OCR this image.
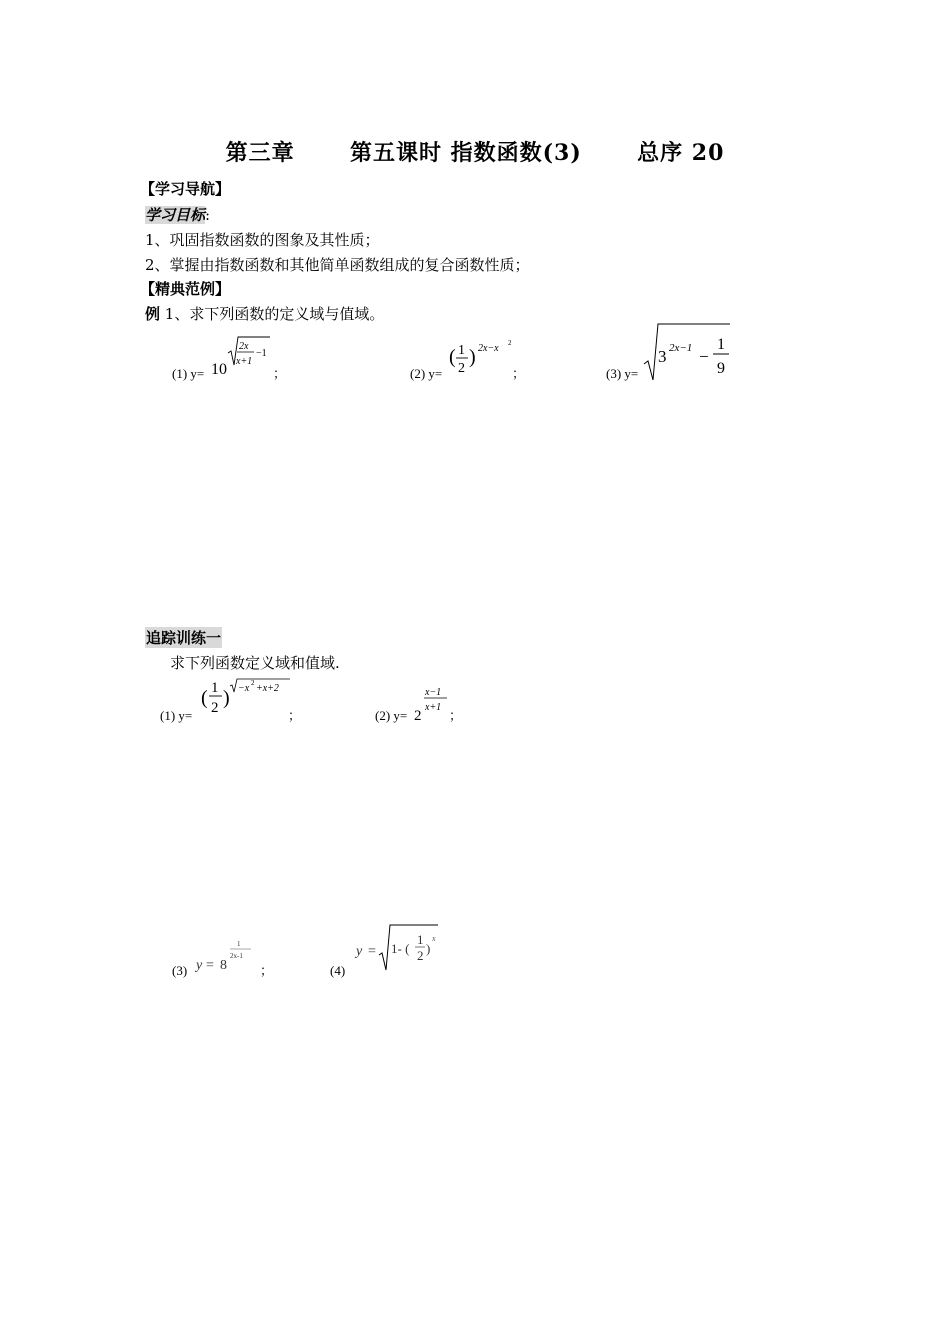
第三章	第五课时 指数函数(3)	总序 20
【学习导航】
学习目标:
1、巩固指数函数的图象及其性质；
2、掌握由指数函数和其他简单函数组成的复合函数性质；
【精典范例】
例 1、求下列函数的定义域与值域。
(1) y= 10
2x
x+1
−1
；	(2) y=
( 1
2
) 2x−x 2
；	(3) y=
3 2x−1 −
1
9
追踪训练一
求下列函数定义域和值域.
(1) y=
( 1
2 ) −x 2 +x+2
；	(2) y= 2
x−1
x+1
；
(3) y = 8
1
2x-1
；	(4)
y = 1- (
1
2 )
x
